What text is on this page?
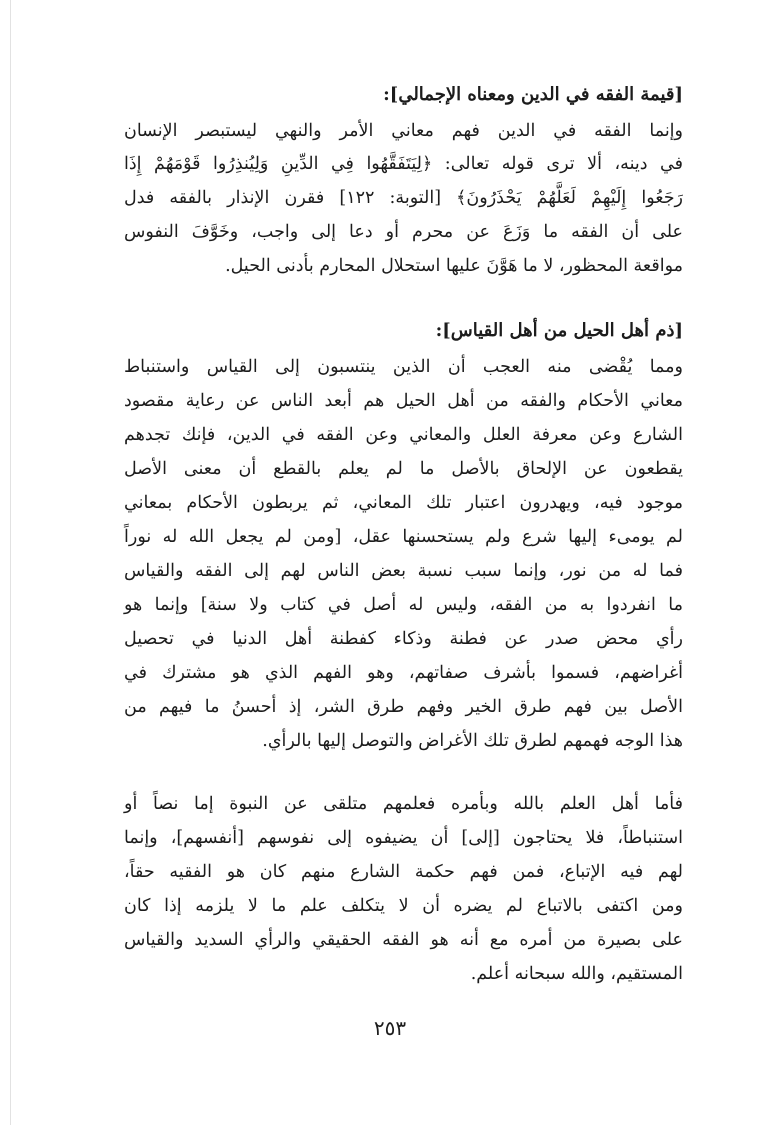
[قيمة الفقه في الدين ومعناه الإجمالي]:
وإنما الفقه في الدين فهم معاني الأمر والنهي ليستبصر الإنسان
في دينه، ألا ترى قوله تعالى: ﴿لِيَتَفَقَّهُوا فِي الدِّينِ وَلِيُنذِرُوا قَوْمَهُمْ إِذَا
رَجَعُوا إِلَيْهِمْ لَعَلَّهُمْ يَحْذَرُونَ﴾ [التوبة: ١٢٢] فقرن الإنذار بالفقه فدل
على أن الفقه ما وَزَعَ عن محرم أو دعا إلى واجب، وخَوَّفَ النفوس
مواقعة المحظور، لا ما هَوَّنَ عليها استحلال المحارم بأدنى الحيل.
[ذم أهل الحيل من أهل القياس]:
ومما يُقْضى منه العجب أن الذين ينتسبون إلى القياس واستنباط
معاني الأحكام والفقه من أهل الحيل هم أبعد الناس عن رعاية مقصود
الشارع وعن معرفة العلل والمعاني وعن الفقه في الدين، فإنك تجدهم
يقطعون عن الإلحاق بالأصل ما لم يعلم بالقطع أن معنى الأصل
موجود فيه، ويهدرون اعتبار تلك المعاني، ثم يربطون الأحكام بمعاني
لم يومىء إليها شرع ولم يستحسنها عقل، [ومن لم يجعل الله له نوراً
فما له من نور، وإنما سبب نسبة بعض الناس لهم إلى الفقه والقياس
ما انفردوا به من الفقه، وليس له أصل في كتاب ولا سنة] وإنما هو
رأي محض صدر عن فطنة وذكاء كفطنة أهل الدنيا في تحصيل
أغراضهم، فسموا بأشرف صفاتهم، وهو الفهم الذي هو مشترك في
الأصل بين فهم طرق الخير وفهم طرق الشر، إذ أحسنُ ما فيهم من
هذا الوجه فهمهم لطرق تلك الأغراض والتوصل إليها بالرأي.
فأما أهل العلم بالله وبأمره فعلمهم متلقى عن النبوة إما نصاً أو
استنباطاً، فلا يحتاجون [إلى] أن يضيفوه إلى نفوسهم [أنفسهم]، وإنما
لهم فيه الإتباع، فمن فهم حكمة الشارع منهم كان هو الفقيه حقاً،
ومن اكتفى بالاتباع لم يضره أن لا يتكلف علم ما لا يلزمه إذا كان
على بصيرة من أمره مع أنه هو الفقه الحقيقي والرأي السديد والقياس
المستقيم، والله سبحانه أعلم.
٢٥٣
